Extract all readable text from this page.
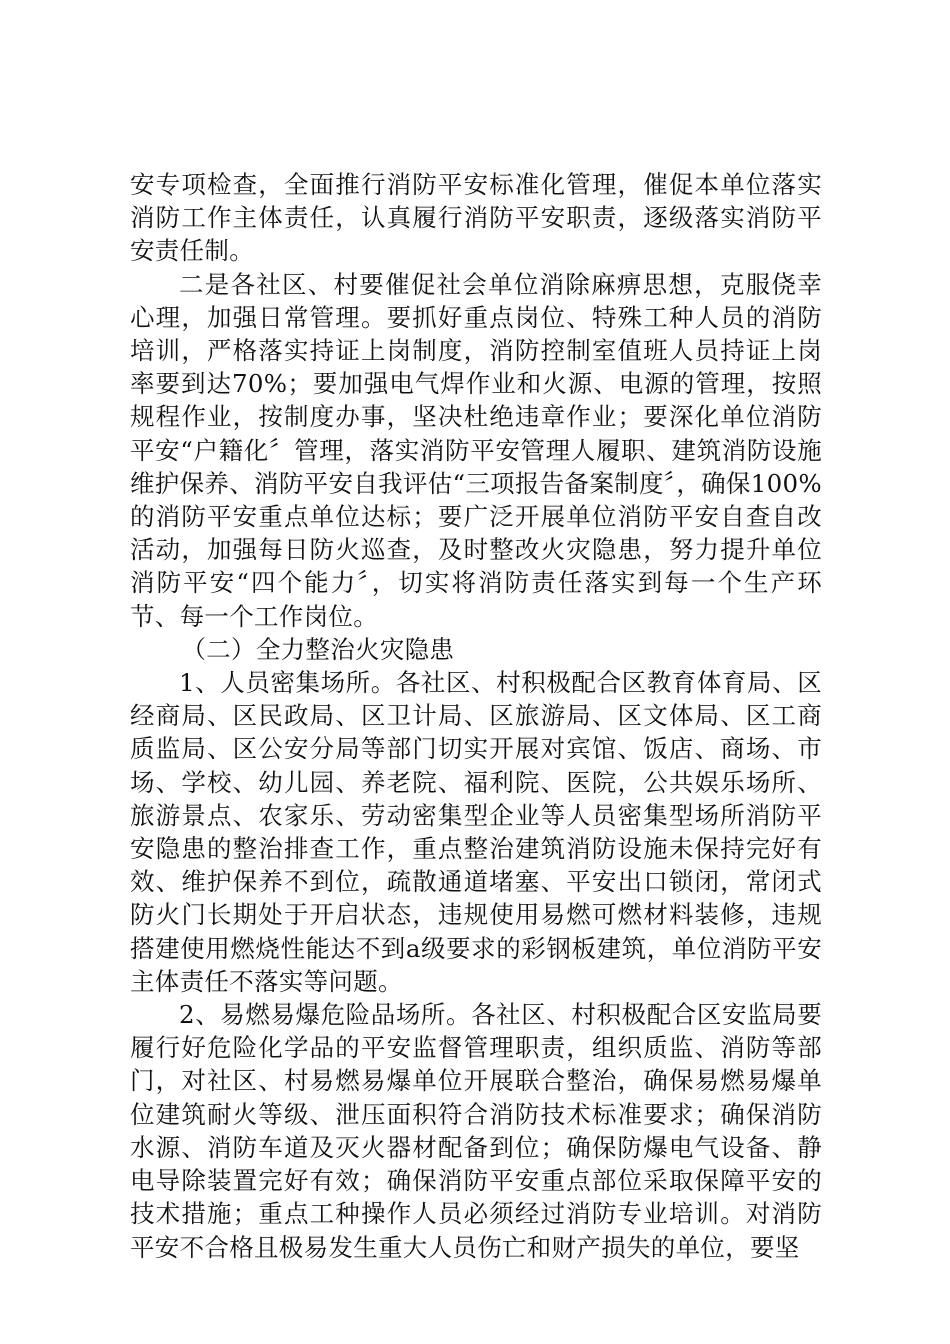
安专项检查，全面推行消防平安标准化管理，催促本单位落实消防工作主体责任，认真履行消防平安职责，逐级落实消防平安责任制。

二是各社区、村要催促社会单位消除麻痹思想，克服侥幸心理，加强日常管理。要抓好重点岗位、特殊工种人员的消防培训，严格落实持证上岗制度，消防控制室值班人员持证上岗率要到达70%；要加强电气焊作业和火源、电源的管理，按照规程作业，按制度办事，坚决杜绝违章作业；要深化单位消防平安“户籍化〞管理，落实消防平安管理人履职、建筑消防设施维护保养、消防平安自我评估“三项报告备案制度〞，确保100%的消防平安重点单位达标；要广泛开展单位消防平安自查自改活动，加强每日防火巡查，及时整改火灾隐患，努力提升单位消防平安“四个能力〞，切实将消防责任落实到每一个生产环节、每一个工作岗位。

（二）全力整治火灾隐患

1、人员密集场所。各社区、村积极配合区教育体育局、区经商局、区民政局、区卫计局、区旅游局、区文体局、区工商质监局、区公安分局等部门切实开展对宾馆、饭店、商场、市场、学校、幼儿园、养老院、福利院、医院，公共娱乐场所、旅游景点、农家乐、劳动密集型企业等人员密集型场所消防平安隐患的整治排查工作，重点整治建筑消防设施未保持完好有效、维护保养不到位，疏散通道堵塞、平安出口锁闭，常闭式防火门长期处于开启状态，违规使用易燃可燃材料装修，违规搭建使用燃烧性能达不到a级要求的彩钢板建筑，单位消防平安主体责任不落实等问题。

2、易燃易爆危险品场所。各社区、村积极配合区安监局要履行好危险化学品的平安监督管理职责，组织质监、消防等部门，对社区、村易燃易爆单位开展联合整治，确保易燃易爆单位建筑耐火等级、泄压面积符合消防技术标准要求；确保消防水源、消防车道及灭火器材配备到位；确保防爆电气设备、静电导除装置完好有效；确保消防平安重点部位采取保障平安的技术措施；重点工种操作人员必须经过消防专业培训。对消防平安不合格且极易发生重大人员伤亡和财产损失的单位，要坚
